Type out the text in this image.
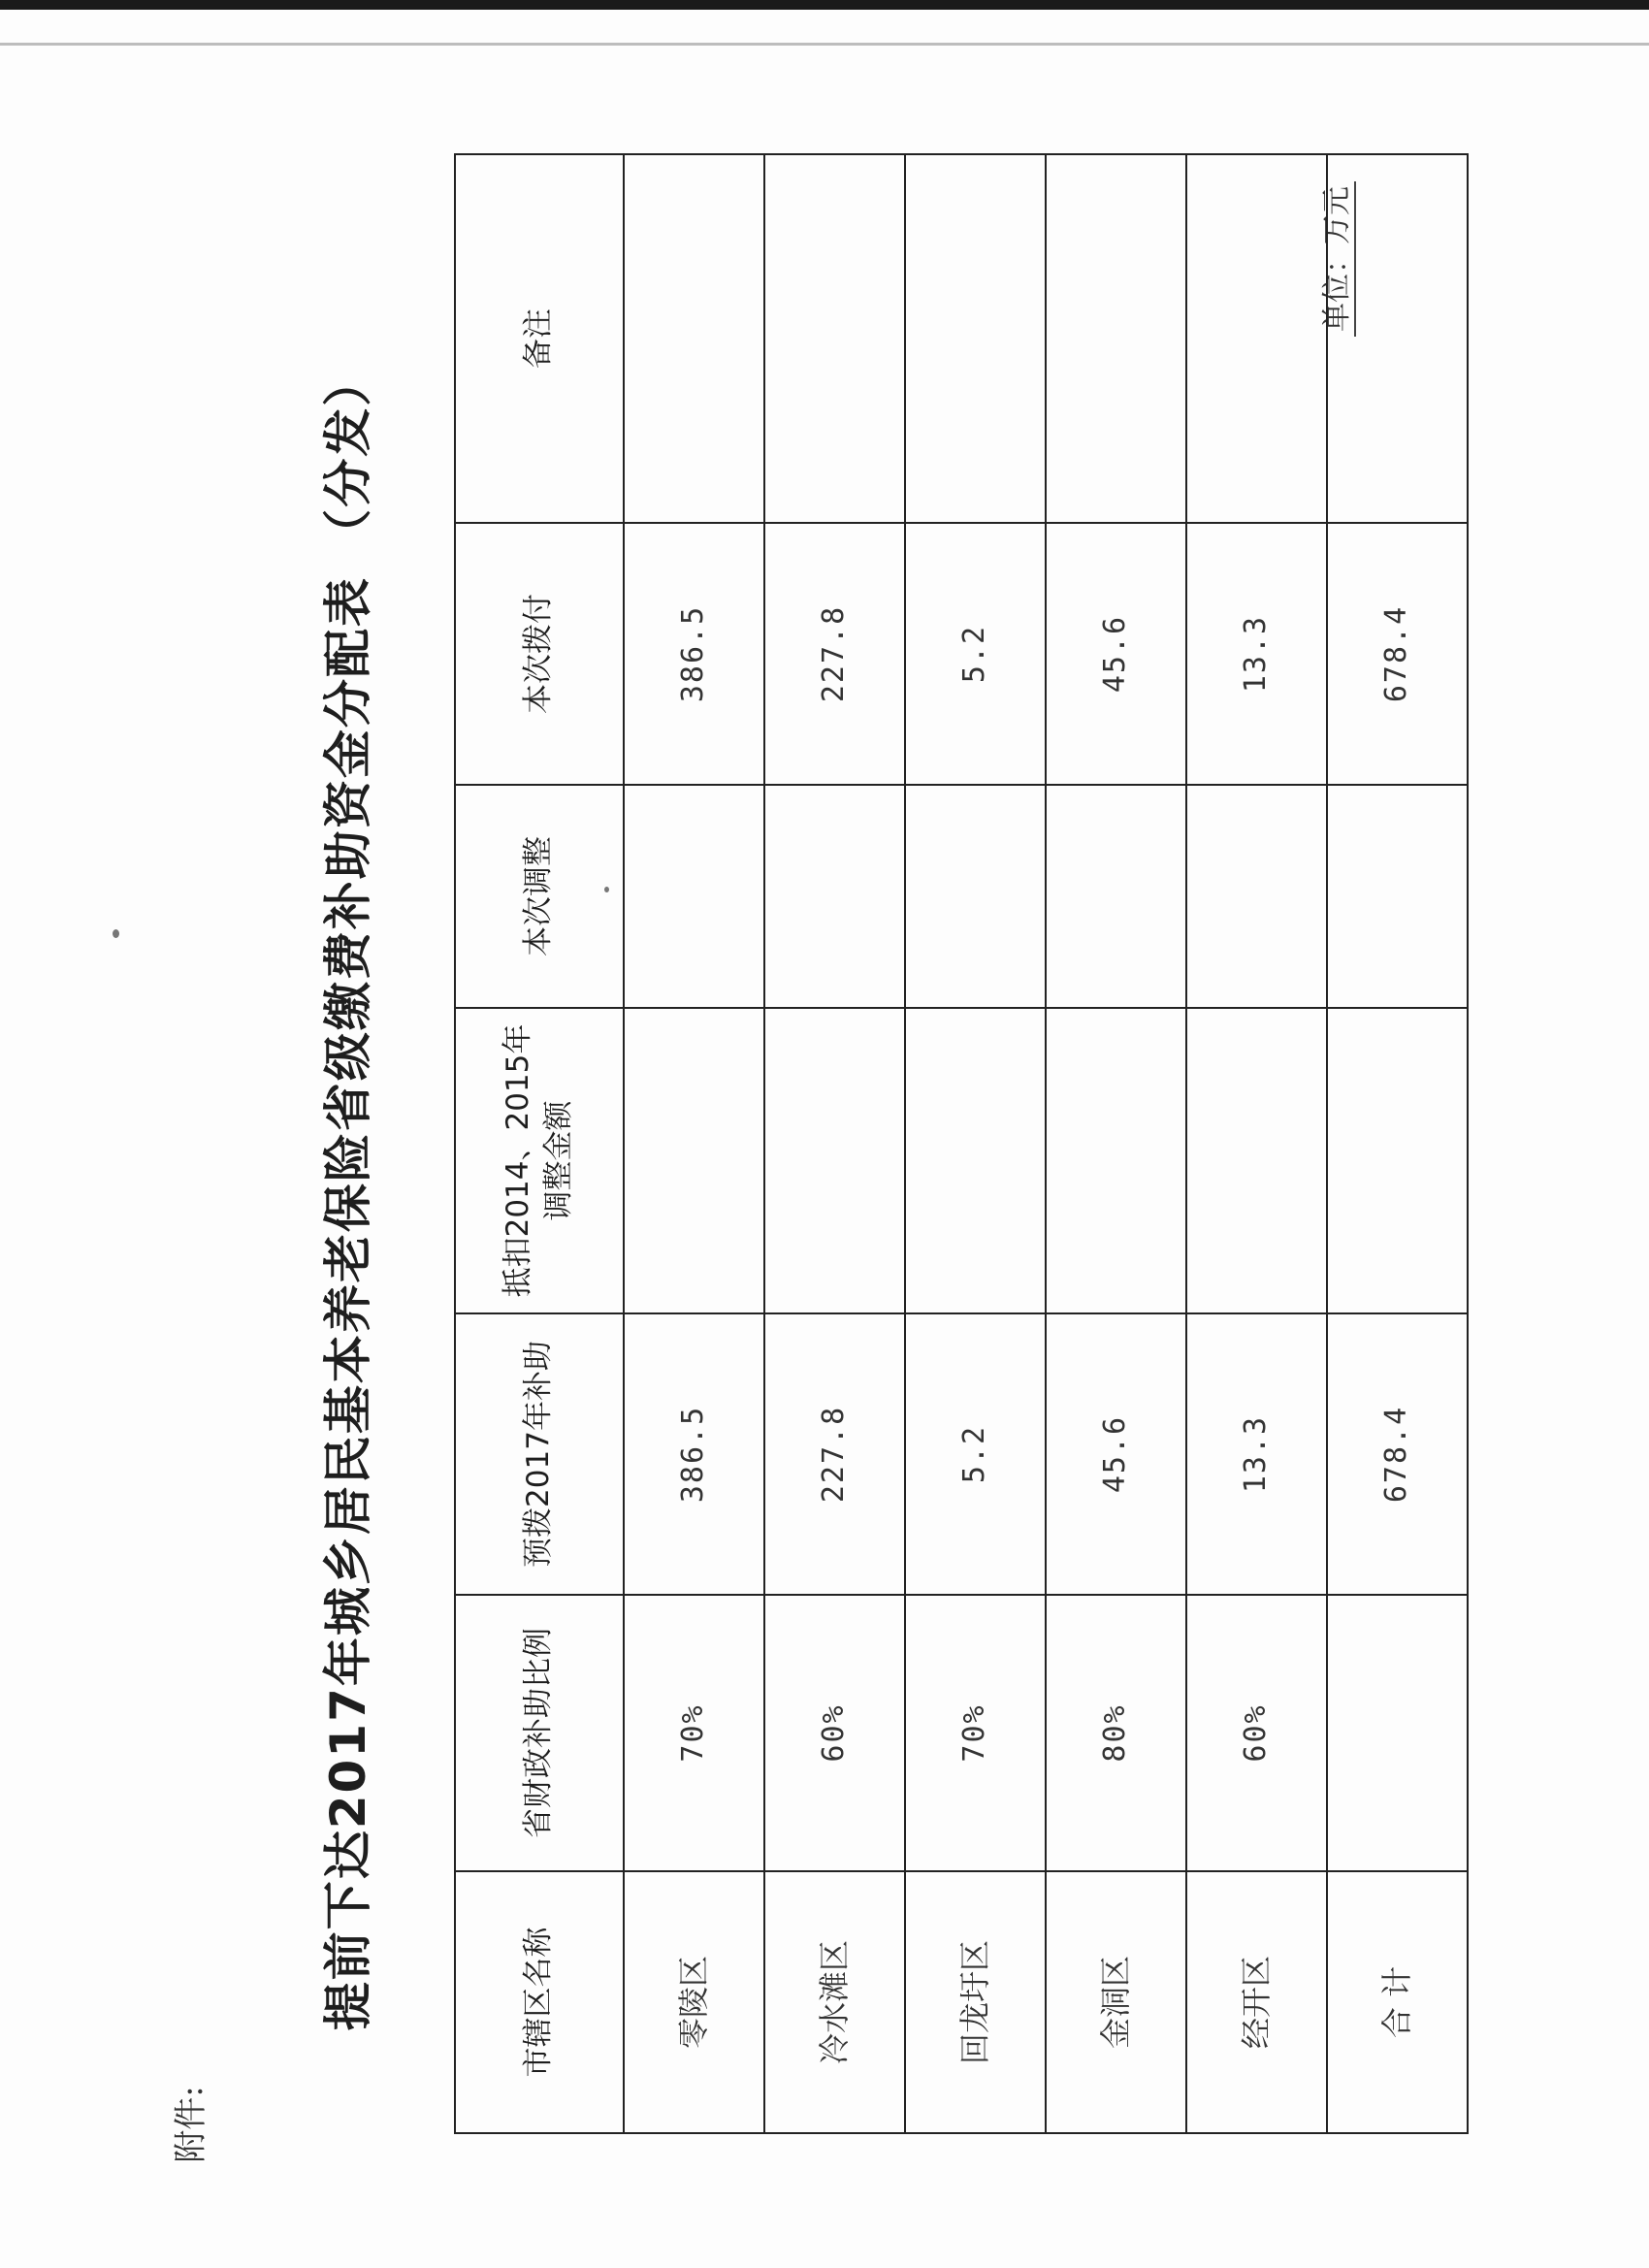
附件:
提前下达2017年城乡居民基本养老保险省级缴费补助资金分配表 （分发）
单位：万元
市辖区名称	省财政补助比例	预拨2017年补助	抵扣2014、2015年调整金额	本次调整	本次拨付	备注
零陵区	70%	386.5			386.5	
冷水滩区	60%	227.8			227.8	
回龙圩区	70%	5.2			5.2	
金洞区	80%	45.6			45.6	
经开区	60%	13.3			13.3	
合 计		678.4			678.4	
